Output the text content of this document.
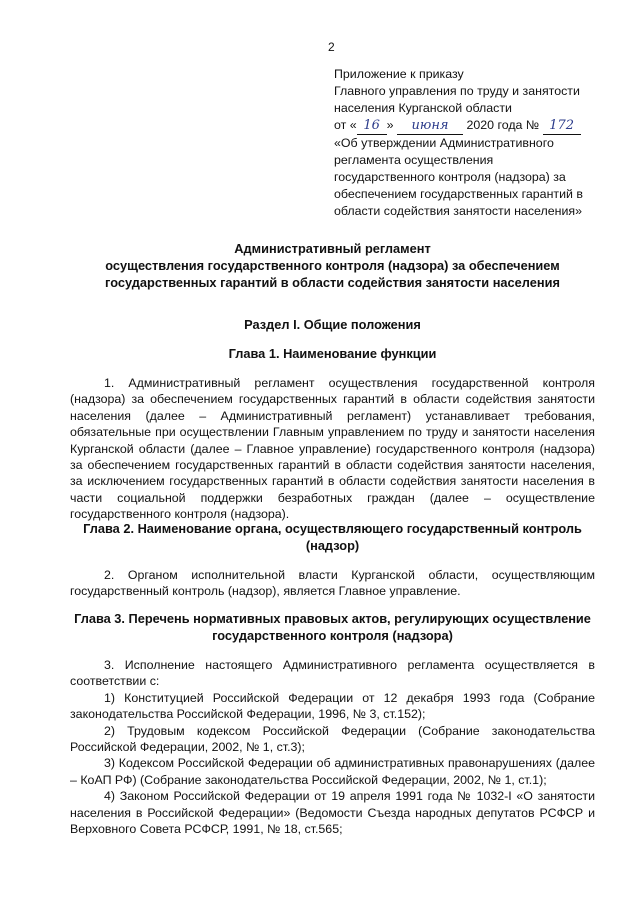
2
Приложение к приказу
Главного управления по труду и занятости
населения Курганской области
от « 16 » июня 2020 года № 172
«Об утверждении Административного
регламента осуществления
государственного контроля (надзора) за
обеспечением государственных гарантий в
области содействия занятости населения»
Административный регламент
осуществления государственного контроля (надзора) за обеспечением
государственных гарантий в области содействия занятости населения
Раздел I. Общие положения
Глава 1. Наименование функции

1. Административный регламент осуществления государственной контроля (надзора) за обеспечением государственных гарантий в области содействия занятости населения (далее – Административный регламент) устанавливает требования, обязательные при осуществлении Главным управлением по труду и занятости населения Курганской области (далее – Главное управление) государственного контроля (надзора) за обеспечением государственных гарантий в области содействия занятости населения, за исключением государственных гарантий в области содействия занятости населения в части социальной поддержки безработных граждан (далее – осуществление государственного контроля (надзора).

Глава 2. Наименование органа, осуществляющего государственный контроль (надзор)

2. Органом исполнительной власти Курганской области, осуществляющим государственный контроль (надзор), является Главное управление.

Глава 3. Перечень нормативных правовых актов, регулирующих осуществление государственного контроля (надзора)

3. Исполнение настоящего Административного регламента осуществляется в соответствии с:

1) Конституцией Российской Федерации от 12 декабря 1993 года (Собрание законодательства Российской Федерации, 1996, № 3, ст.152);

2) Трудовым кодексом Российской Федерации (Собрание законодательства Российской Федерации, 2002, № 1, ст.3);

3) Кодексом Российской Федерации об административных правонарушениях (далее – КоАП РФ) (Собрание законодательства Российской Федерации, 2002, № 1, ст.1);

4) Законом Российской Федерации от 19 апреля 1991 года № 1032-I «О занятости населения в Российской Федерации» (Ведомости Съезда народных депутатов РСФСР и Верховного Совета РСФСР, 1991, № 18, ст.565;
